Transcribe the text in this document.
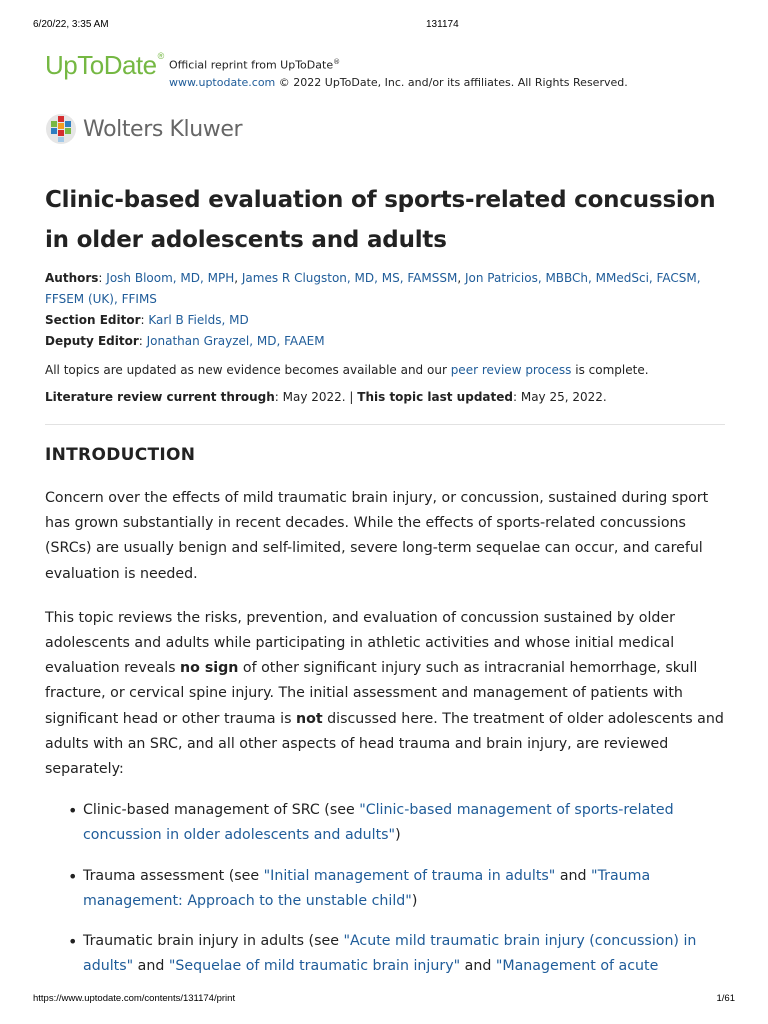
6/20/22, 3:35 AM	131174
UpToDate®
Official reprint from UpToDate®
www.uptodate.com © 2022 UpToDate, Inc. and/or its affiliates. All Rights Reserved.
Wolters Kluwer
Clinic-based evaluation of sports-related concussion in older adolescents and adults
Authors: Josh Bloom, MD, MPH, James R Clugston, MD, MS, FAMSSM, Jon Patricios, MBBCh, MMedSci, FACSM, FFSEM (UK), FFIMS
Section Editor: Karl B Fields, MD
Deputy Editor: Jonathan Grayzel, MD, FAAEM
All topics are updated as new evidence becomes available and our peer review process is complete.
Literature review current through: May 2022. | This topic last updated: May 25, 2022.
INTRODUCTION

Concern over the effects of mild traumatic brain injury, or concussion, sustained during sport has grown substantially in recent decades. While the effects of sports-related concussions (SRCs) are usually benign and self-limited, severe long-term sequelae can occur, and careful evaluation is needed.

This topic reviews the risks, prevention, and evaluation of concussion sustained by older adolescents and adults while participating in athletic activities and whose initial medical evaluation reveals no sign of other significant injury such as intracranial hemorrhage, skull fracture, or cervical spine injury. The initial assessment and management of patients with significant head or other trauma is not discussed here. The treatment of older adolescents and adults with an SRC, and all other aspects of head trauma and brain injury, are reviewed separately:

• Clinic-based management of SRC (see "Clinic-based management of sports-related concussion in older adolescents and adults")
• Trauma assessment (see "Initial management of trauma in adults" and "Trauma management: Approach to the unstable child")
• Traumatic brain injury in adults (see "Acute mild traumatic brain injury (concussion) in adults" and "Sequelae of mild traumatic brain injury" and "Management of acute
https://www.uptodate.com/contents/131174/print	1/61
